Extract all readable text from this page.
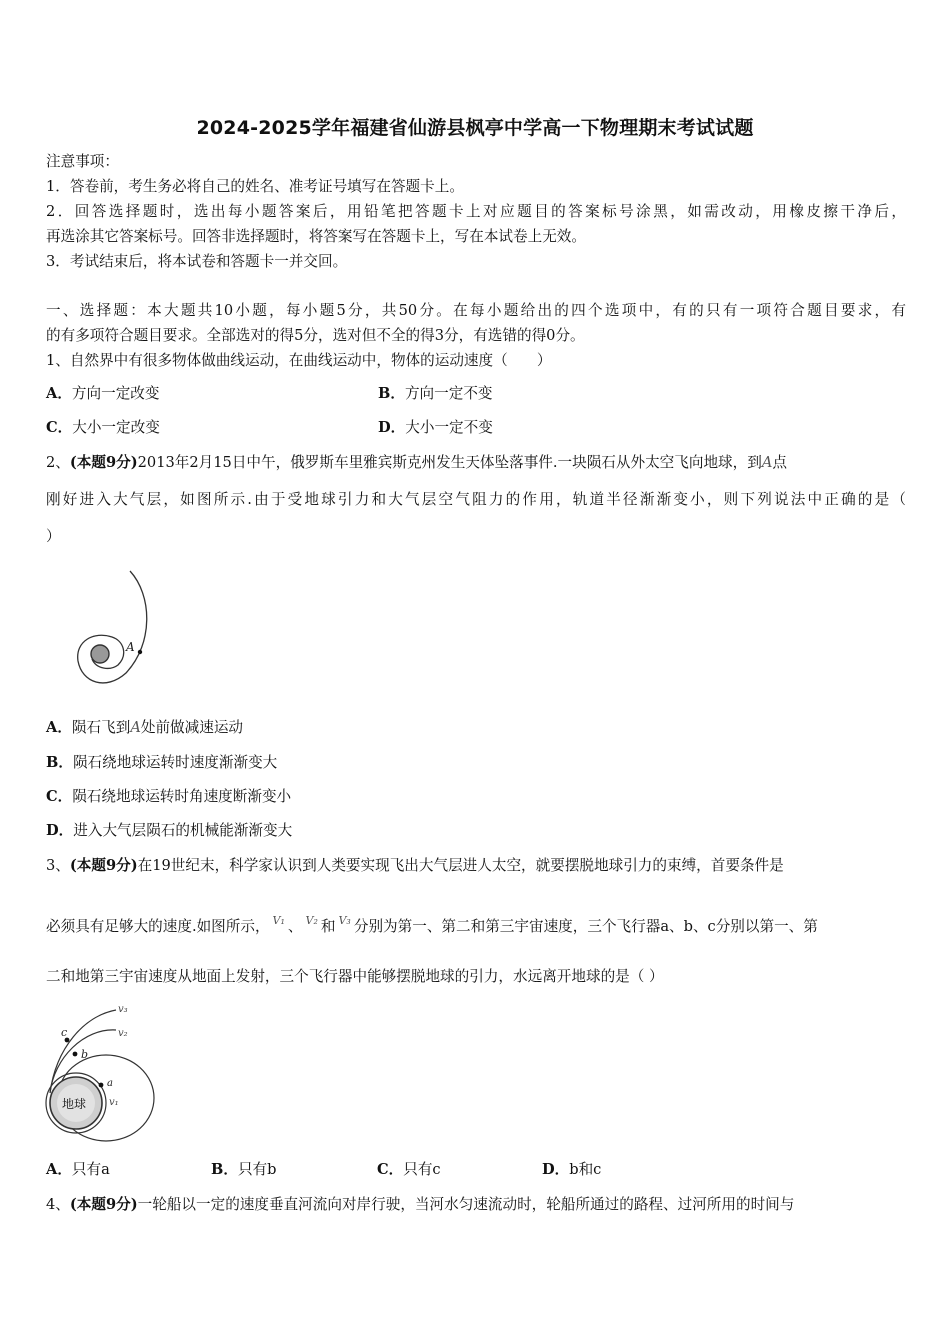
2024-2025学年福建省仙游县枫亭中学高一下物理期末考试试题
注意事项：
1．答卷前，考生务必将自己的姓名、准考证号填写在答题卡上。
2．回答选择题时，选出每小题答案后，用铅笔把答题卡上对应题目的答案标号涂黑，如需改动，用橡皮擦干净后，
再选涂其它答案标号。回答非选择题时，将答案写在答题卡上，写在本试卷上无效。
3．考试结束后，将本试卷和答题卡一并交回。
一、选择题：本大题共10小题，每小题5分，共50分。在每小题给出的四个选项中，有的只有一项符合题目要求，有
的有多项符合题目要求。全部选对的得5分，选对但不全的得3分，有选错的得0分。
1、自然界中有很多物体做曲线运动，在曲线运动中，物体的运动速度（　　）
A．方向一定改变	B．方向一定不变
C．大小一定改变	D．大小一定不变
2、(本题9分)2013年2月15日中午，俄罗斯车里雅宾斯克州发生天体坠落事件.一块陨石从外太空飞向地球，到A点
刚好进入大气层，如图所示.由于受地球引力和大气层空气阻力的作用，轨道半径渐渐变小，则下列说法中正确的是（
）
A
A．陨石飞到A处前做减速运动
B．陨石绕地球运转时速度渐渐变大
C．陨石绕地球运转时角速度断渐变小
D．进入大气层陨石的机械能渐渐变大
3、(本题9分)在19世纪末，科学家认识到人类要实现飞出大气层进人太空，就要摆脱地球引力的束缚，首要条件是
必须具有足够大的速度.如图所示， V₁ 、 V₂ 和 V₃ 分别为第一、第二和第三宇宙速度，三个飞行器a、b、c分别以第一、第
二和地第三宇宙速度从地面上发射，三个飞行器中能够摆脱地球的引力，水远离开地球的是（ ）
地球
c
b
a
v₁
v₂
v₃
A．只有a	B．只有b	C．只有c	D．b和c
4、(本题9分)一轮船以一定的速度垂直河流向对岸行驶，当河水匀速流动时，轮船所通过的路程、过河所用的时间与
